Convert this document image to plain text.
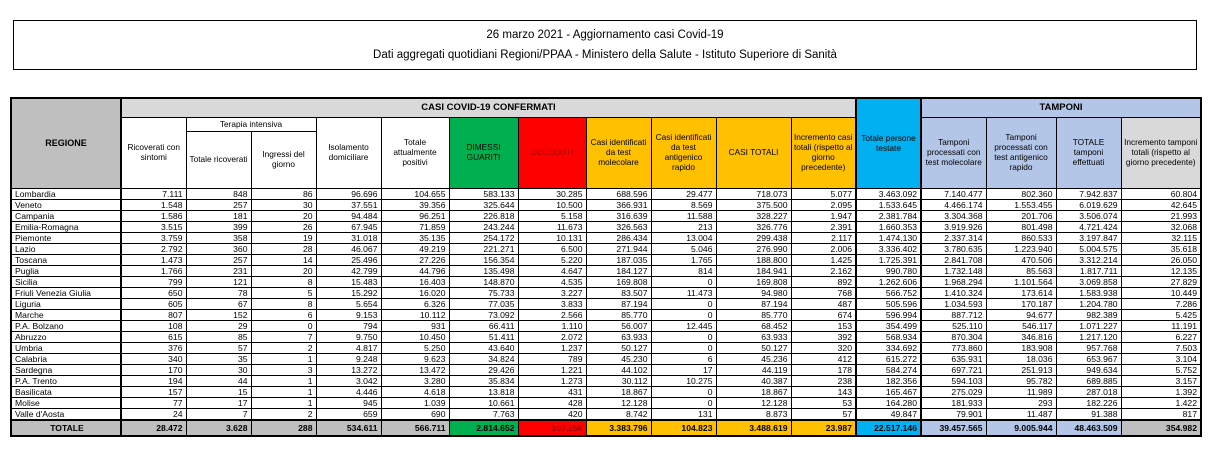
26 marzo 2021 - Aggiornamento casi Covid-19
Dati aggregati quotidiani Regioni/PPAA - Ministero della Salute - Istituto Superiore di Sanità
REGIONE	CASI COVID-19 CONFERMATI											Totale persone testate	TAMPONI			
	Ricoverati con sintomi	Terapia intensiva		Isolamento domiciliare	Totale attualmente positivi	DIMESSI GUARITI	DECEDUTI	Casi identificati da test molecolare	Casi identificati da test antigenico rapido	CASI TOTALI	Incremento casi totali (rispetto al giorno precedente)		Tamponi processati con test molecolare	Tamponi processati con test antigenico rapido	TOTALE tamponi effettuati	Incremento tamponi totali (rispetto al giorno precedente)
		Totale ricoverati	Ingressi del giorno													
Lombardia	7.111	848	86	96.696	104.655	583.133	30.285	688.596	29.477	718.073	5.077	3.463.092	7.140.477	802.360	7.942.837	60.804
Veneto	1.548	257	30	37.551	39.356	325.644	10.500	366.931	8.569	375.500	2.095	1.533.645	4.466.174	1.553.455	6.019.629	42.645
Campania	1.586	181	20	94.484	96.251	226.818	5.158	316.639	11.588	328.227	1.947	2.381.784	3.304.368	201.706	3.506.074	21.993
Emilia-Romagna	3.515	399	26	67.945	71.859	243.244	11.673	326.563	213	326.776	2.391	1.660.353	3.919.926	801.498	4.721.424	32.068
Piemonte	3.759	358	19	31.018	35.135	254.172	10.131	286.434	13.004	299.438	2.117	1.474.130	2.337.314	860.533	3.197.847	32.115
Lazio	2.792	360	28	46.067	49.219	221.271	6.500	271.944	5.046	276.990	2.006	3.336.402	3.780.635	1.223.940	5.004.575	35.618
Toscana	1.473	257	14	25.496	27.226	156.354	5.220	187.035	1.765	188.800	1.425	1.725.391	2.841.708	470.506	3.312.214	26.050
Puglia	1.766	231	20	42.799	44.796	135.498	4.647	184.127	814	184.941	2.162	990.780	1.732.148	85.563	1.817.711	12.135
Sicilia	799	121	8	15.483	16.403	148.870	4.535	169.808	0	169.808	892	1.262.606	1.968.294	1.101.564	3.069.858	27.829
Friuli Venezia Giulia	650	78	5	15.292	16.020	75.733	3.227	83.507	11.473	94.980	768	566.752	1.410.324	173.614	1.583.938	10.449
Liguria	605	67	8	5.654	6.326	77.035	3.833	87.194	0	87.194	487	505.596	1.034.593	170.187	1.204.780	7.286
Marche	807	152	6	9.153	10.112	73.092	2.566	85.770	0	85.770	674	596.994	887.712	94.677	982.389	5.425
P.A. Bolzano	108	29	0	794	931	66.411	1.110	56.007	12.445	68.452	153	354.499	525.110	546.117	1.071.227	11.191
Abruzzo	615	85	7	9.750	10.450	51.411	2.072	63.933	0	63.933	392	568.934	870.304	346.816	1.217.120	6.227
Umbria	376	57	2	4.817	5.250	43.640	1.237	50.127	0	50.127	320	334.692	773.860	183.908	957.768	7.503
Calabria	340	35	1	9.248	9.623	34.824	789	45.230	6	45.236	412	615.272	635.931	18.036	653.967	3.104
Sardegna	170	30	3	13.272	13.472	29.426	1.221	44.102	17	44.119	178	584.274	697.721	251.913	949.634	5.752
P.A. Trento	194	44	1	3.042	3.280	35.834	1.273	30.112	10.275	40.387	238	182.356	594.103	95.782	689.885	3.157
Basilicata	157	15	1	4.446	4.618	13.818	431	18.867	0	18.867	143	165.467	275.029	11.989	287.018	1.392
Molise	77	17	1	945	1.039	10.661	428	12.128	0	12.128	53	164.280	181.933	293	182.226	1.422
Valle d'Aosta	24	7	2	659	690	7.763	420	8.742	131	8.873	57	49.847	79.901	11.487	91.388	817
TOTALE	28.472	3.628	288	534.611	566.711	2.814.652	107.256	3.383.796	104.823	3.488.619	23.987	22.517.146	39.457.565	9.005.944	48.463.509	354.982
